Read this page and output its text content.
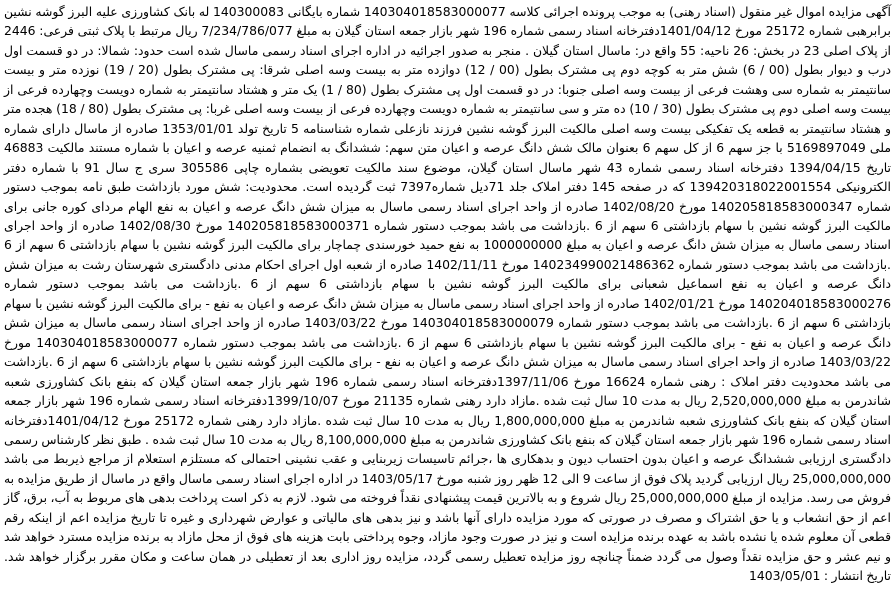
آگهی مزایده اموال غیر منقول (اسناد رهنی) به موجب پرونده اجرائی کلاسه 140304018583000077 شماره بایگانی 140300083 له بانک کشاورزی علیه البرز گوشه نشین برابرهبی شماره 25172 مورخ 1401/04/12دفترخانه اسناد رسمی شماره 196 شهر بازار جمعه استان گیلان به مبلغ 7/234/786/077 ریال مرتبط با پلاک ثبتی فرعی: 2446 از پلاک اصلی 23 در بخش: 26 ناحیه: 55 واقع در: ماسال استان گیلان . منجر به صدور اجرائیه در اداره اجرای اسناد رسمی ماسال شده است حدود: شمالا: در دو قسمت اول درب و دیوار بطول (00 / 6) شش متر به کوچه دوم پی مشترک بطول (00 / 12) دوازده متر به بیست وسه اصلی شرقا: پی مشترک بطول (20 / 19) نوزده متر و بیست سانتیمتر به شماره سی وهشت فرعی از بیست وسه اصلی جنوبا: در دو قسمت اول پی مشترک بطول (80 / 1) یک متر و هشتاد سانتیمتر به شماره دویست وچهارده فرعی از بیست وسه اصلی دوم پی مشترک بطول (30 / 10) ده متر و سی سانتیمتر به شماره دویست وچهارده فرعی از بیست وسه اصلی غربا: پی مشترک بطول (80 / 18) هجده متر و هشتاد سانتیمتر به قطعه یک تفکیکی بیست وسه اصلی مالکیت البرز گوشه نشین فرزند نازعلی شماره شناسنامه 5 تاریخ تولد 1353/01/01 صادره از ماسال دارای شماره ملی 5169897049 با جز سهم 6 از کل سهم 6 بعنوان مالک شش دانگ عرصه و اعیان متن سهم: ششدانگ به انضمام ثمنیه عرصه و اعیان با شماره مستند مالکیت 46883 تاریخ 1394/04/15 دفترخانه اسناد رسمی شماره 43 شهر ماسال استان گیلان، موضوع سند مالکیت تعویضی بشماره چاپی 305586 سری ج سال 91 با شماره دفتر الکترونیکی 139420318022001554 که در صفحه 145 دفتر املاک جلد 71دیل شماره7397 ثبت گردیده است. محدودیت: شش مورد بازداشت طبق نامه بموجب دستور شماره 140205818583000347 مورخ 1402/08/20 صادره از واحد اجرای اسناد رسمی ماسال به میزان شش دانگ عرصه و اعیان به نفع الهام مردای کوره جانی برای مالکیت البرز گوشه نشین با سهام بازداشتی 6 سهم از 6 .بازداشت می باشد بموجب دستور شماره 140205818583000371 مورخ 1402/08/30 صادره از واحد اجرای اسناد رسمی ماسال به میزان شش دانگ عرصه و اعیان به مبلغ 1000000000 به نفع حمید خورسندی چماچار برای مالکیت البرز گوشه نشین با سهام بازداشتی 6 سهم از 6 .بازداشت می باشد بموجب دستور شماره 140234990021486362 مورخ 1402/11/11 صادره از شعبه اول اجرای احکام مدنی دادگستری شهرستان رشت به میزان شش دانگ عرصه و اعیان به نفع اسماعیل شعبانی برای مالکیت البرز گوشه نشین با سهام بازداشتی 6 سهم از 6 .بازداشت می باشد بموجب دستور شماره 140204018583000276 مورخ 1402/01/21 صادره از واحد اجرای اسناد رسمی ماسال به میزان شش دانگ عرصه و اعیان به نفع - برای مالکیت البرز گوشه نشین با سهام بازداشتی 6 سهم از 6 .بازداشت می باشد بموجب دستور شماره 140304018583000079 مورخ 1403/03/22 صادره از واحد اجرای اسناد رسمی ماسال به میزان شش دانگ عرصه و اعیان به نفع - برای مالکیت البرز گوشه نشین با سهام بازداشتی 6 سهم از 6 .بازداشت می باشد بموجب دستور شماره 140304018583000077 مورخ 1403/03/22 صادره از واحد اجرای اسناد رسمی ماسال به میزان شش دانگ عرصه و اعیان به نفع - برای مالکیت البرز گوشه نشین با سهام بازداشتی 6 سهم از 6 .بازداشت می باشد محدودیت دفتر املاک : رهنی شماره 16624 مورخ 1397/11/06دفترخانه اسناد رسمی شماره 196 شهر بازار جمعه استان گیلان که بنفع بانک کشاورزی شعبه شاندرمن به مبلغ 2,520,000,000 ریال به مدت 10 سال ثبت شده .مازاد دارد رهنی شماره 21135 مورخ 1399/10/07دفترخانه اسناد رسمی شماره 196 شهر بازار جمعه استان گیلان که بنفع بانک کشاورزی شعبه شاندرمن به مبلغ 1,800,000,000 ریال به مدت 10 سال ثبت شده .مازاد دارد رهنی شماره 25172 مورخ 1401/04/12دفترخانه اسناد رسمی شماره 196 شهر بازار جمعه استان گیلان که بنفع بانک کشاورزی شاندرمن به مبلغ 8,100,000,000 ریال به مدت 10 سال ثبت شده . طبق نظر کارشناس رسمی دادگستری ارزیابی ششدانگ عرصه و اعیان بدون احتساب دیون و بدهکاری ها ،جرائم تاسیسات زیربنایی و عقب نشینی احتمالی که مستلزم استعلام از مراجع ذیربط می باشد 25,000,000,000 ریال ارزیابی گردید پلاک فوق از ساعت 9 الی 12 ظهر روز شنبه مورخ 1403/05/17 در اداره اجرای اسناد رسمی ماسال واقع در ماسال از طریق مزایده به فروش می رسد. مزایده از مبلغ 25,000,000,000 ریال شروع و به بالاترین قیمت پیشنهادی نقداً فروخته می شود. لازم به ذکر است پرداخت بدهی های مربوط به آب، برق، گاز اعم از حق انشعاب و یا حق اشتراک و مصرف در صورتی که مورد مزایده دارای آنها باشد و نیز بدهی های مالیاتی و عوارض شهرداری و غیره تا تاریخ مزایده اعم از اینکه رقم قطعی آن معلوم شده یا نشده باشد به عهده برنده مزایده است و نیز در صورت وجود مازاد، وجوه پرداختی بابت هزینه های فوق از محل مازاد به برنده مزایده مسترد خواهد شد و نیم عشر و حق مزایده نقداً وصول می گردد ضمناً چنانچه روز مزایده تعطیل رسمی گردد، مزایده روز اداری بعد از تعطیلی در همان ساعت و مکان مقرر برگزار خواهد شد. تاریخ انتشار : 1403/05/01
